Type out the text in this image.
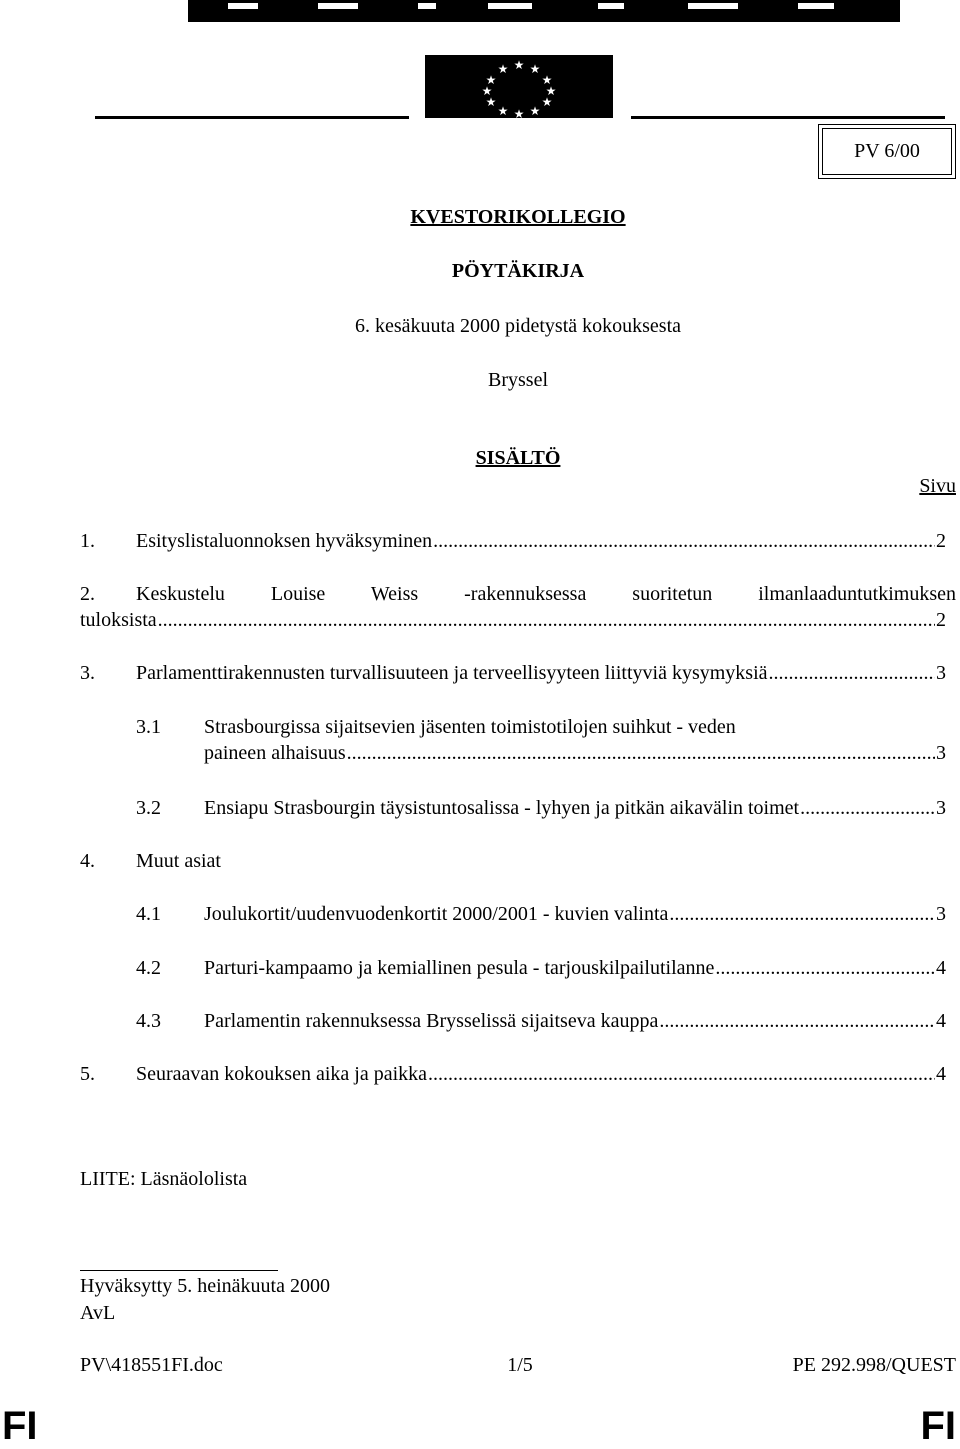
★ ★
★
★
★
★
★
★
★
★
★
★
PV 6/00
KVESTORIKOLLEGIO
PÖYTÄKIRJA
6. kesäkuuta 2000 pidetystä kokouksesta
Bryssel
SISÄLTÖ
Sivu
1. Esityslistaluonnoksen hyväksyminen .....	2
2. Keskustelu Louise Weiss -rakennuksessa suoritetun ilmanlaaduntutkimuksen
tuloksista .....	2
3. Parlamenttirakennusten turvallisuuteen ja terveellisyyteen liittyviä kysymyksiä .....	3
3.1 Strasbourgissa sijaitsevien jäsenten toimistotilojen suihkut - veden
paineen alhaisuus .....	3
3.2 Ensiapu Strasbourgin täysistuntosalissa - lyhyen ja pitkän aikavälin toimet .....	3
4. Muut asiat
4.1 Joulukortit/uudenvuodenkortit 2000/2001 - kuvien valinta .....	3
4.2 Parturi-kampaamo ja kemiallinen pesula - tarjouskilpailutilanne .....	4
4.3 Parlamentin rakennuksessa Brysselissä sijaitseva kauppa .....	4
5. Seuraavan kokouksen aika ja paikka .....	4
LIITE: Läsnäololista
Hyväksytty 5. heinäkuuta 2000
AvL
PV\418551FI.doc	1/5	PE 292.998/QUEST
FI	FI
